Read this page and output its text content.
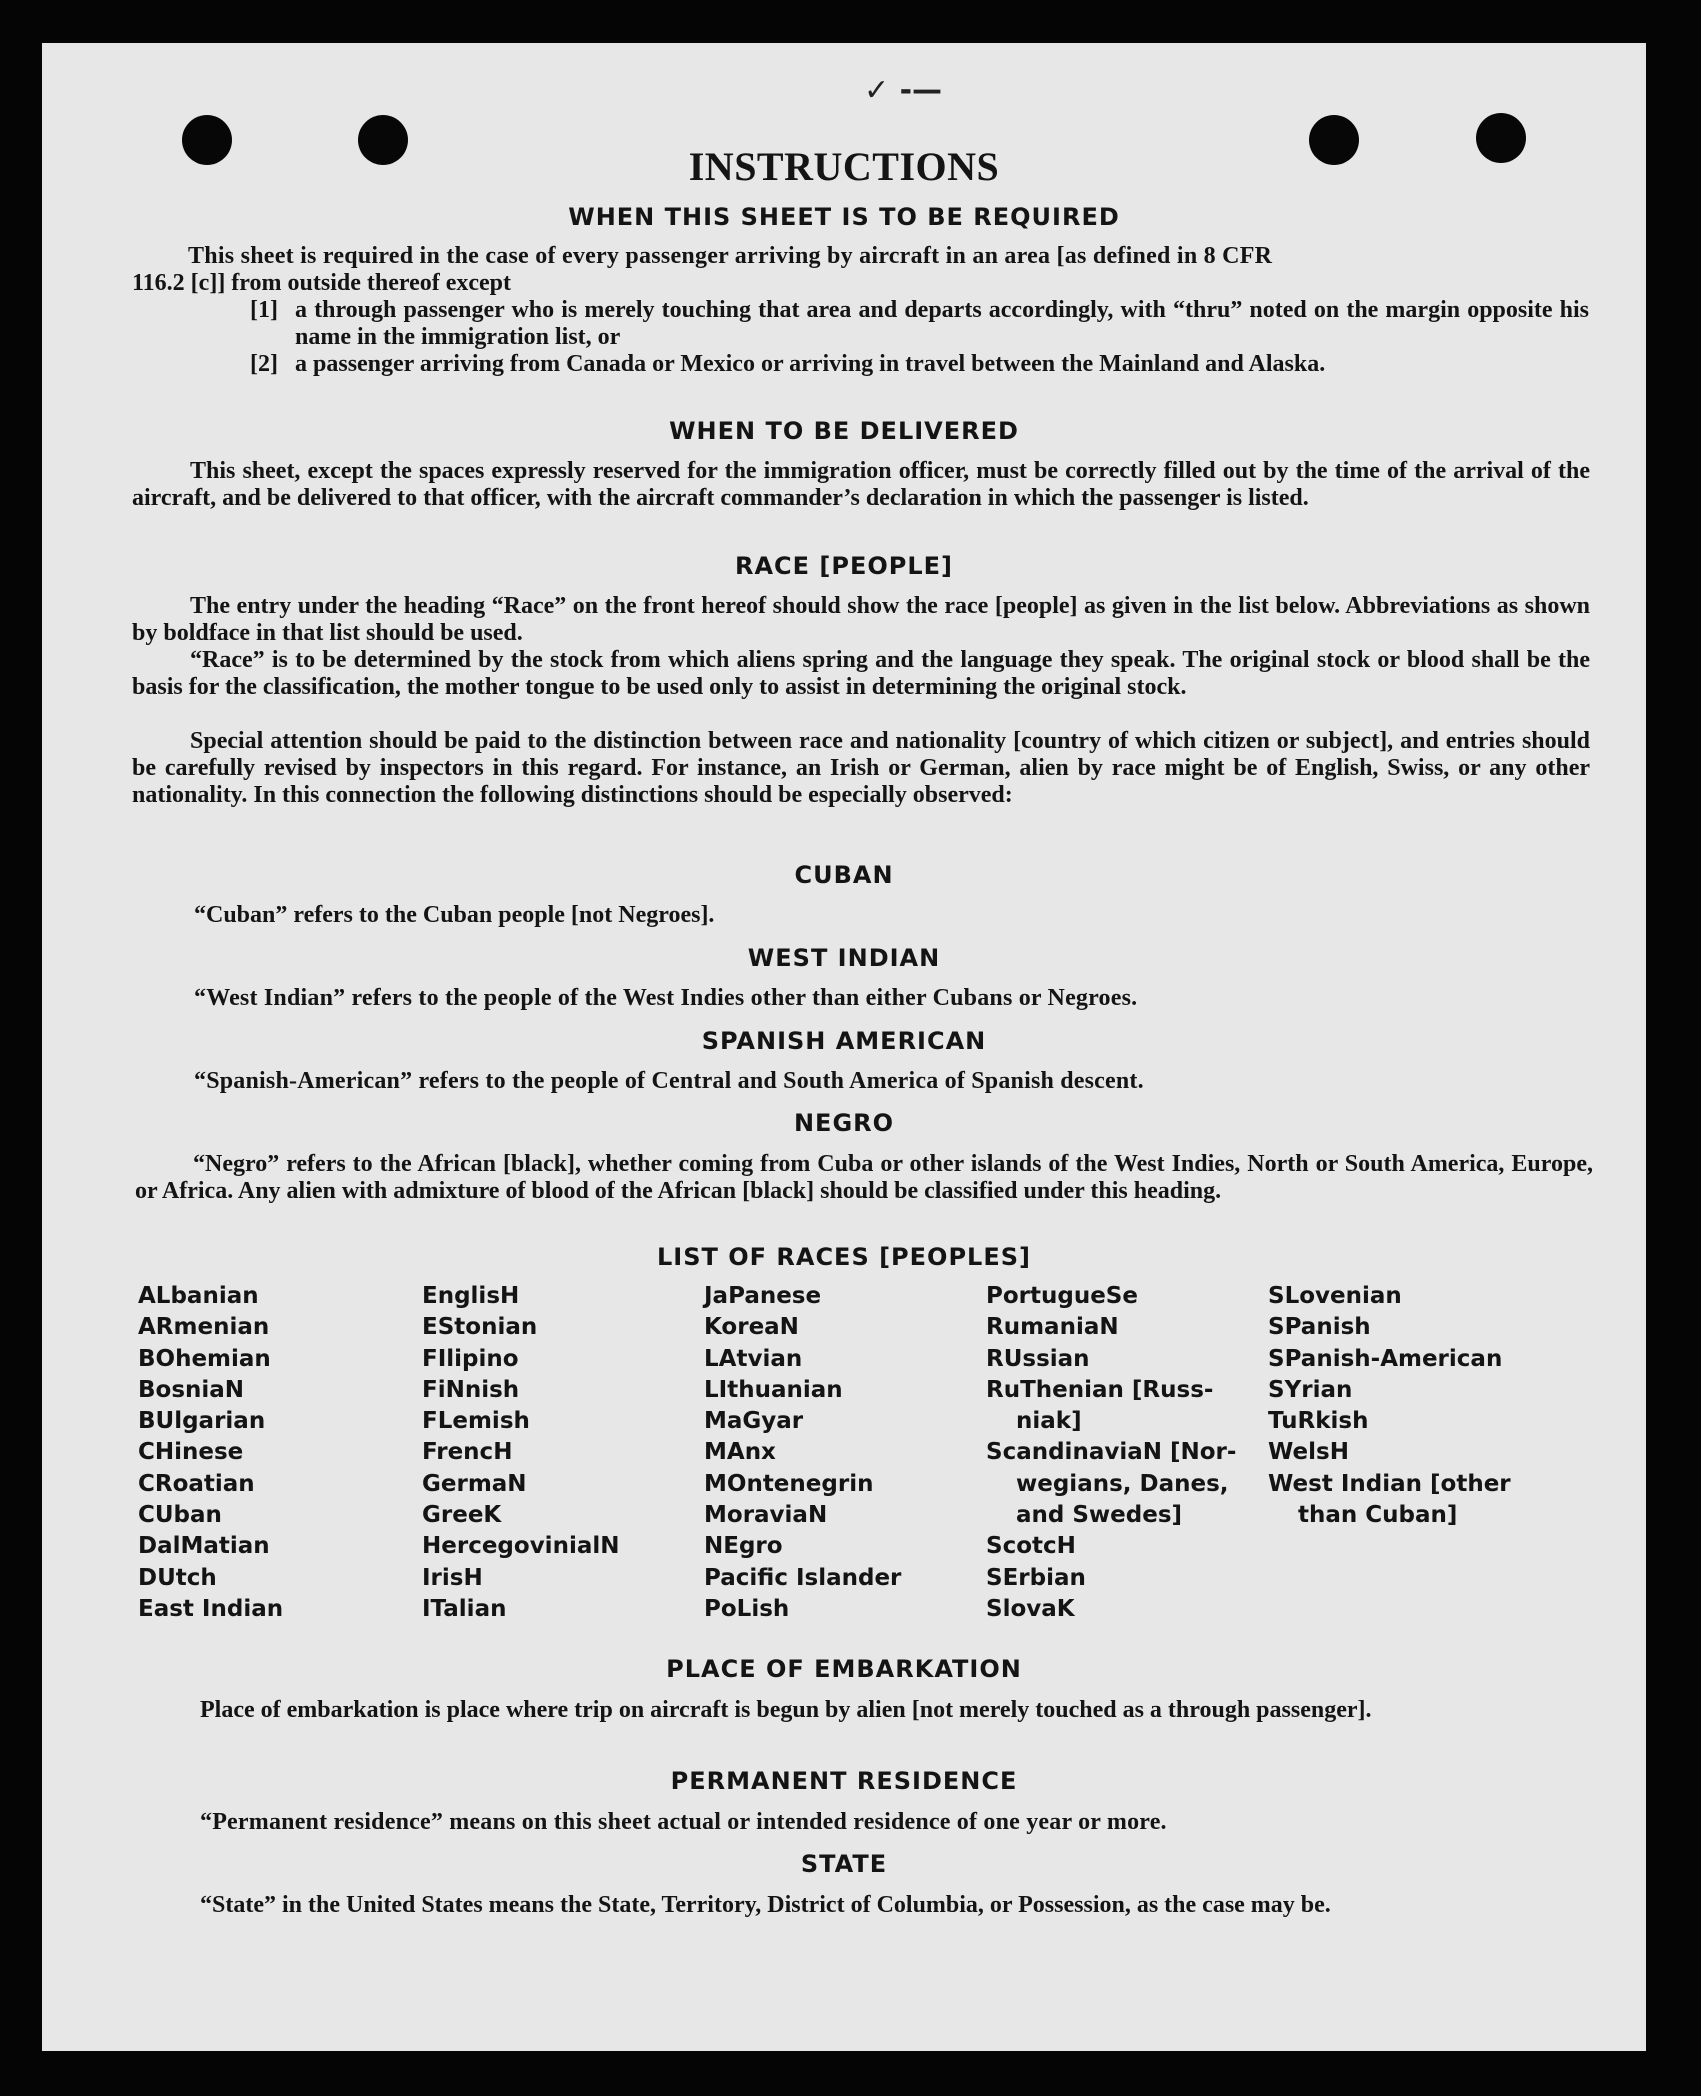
✓ -—
INSTRUCTIONS
WHEN THIS SHEET IS TO BE REQUIRED
This sheet is required in the case of every passenger arriving by aircraft in an area [as defined in 8 CFR
116.2 [c]] from outside thereof except
[1] a through passenger who is merely touching that area and departs accordingly, with “thru” noted on the margin opposite his name in the immigration list, or

[2] a passenger arriving from Canada or Mexico or arriving in travel between the Mainland and Alaska.

WHEN TO BE DELIVERED

This sheet, except the spaces expressly reserved for the immigration officer, must be correctly filled out by the time of the arrival of the aircraft, and be delivered to that officer, with the aircraft commander’s declaration in which the passenger is listed.

RACE [PEOPLE]

The entry under the heading “Race” on the front hereof should show the race [people] as given in the list below. Abbreviations as shown by boldface in that list should be used.

“Race” is to be determined by the stock from which aliens spring and the language they speak. The original stock or blood shall be the basis for the classification, the mother tongue to be used only to assist in determining the original stock.

Special attention should be paid to the distinction between race and nationality [country of which citizen or subject], and entries should be carefully revised by inspectors in this regard. For instance, an Irish or German, alien by race might be of English, Swiss, or any other nationality. In this connection the following distinctions should be especially observed:

CUBAN
“Cuban” refers to the Cuban people [not Negroes].
WEST INDIAN
“West Indian” refers to the people of the West Indies other than either Cubans or Negroes.
SPANISH AMERICAN
“Spanish-American” refers to the people of Central and South America of Spanish descent.
NEGRO

“Negro” refers to the African [black], whether coming from Cuba or other islands of the West Indies, North or South America, Europe, or Africa. Any alien with admixture of blood of the African [black] should be classified under this heading.

LIST OF RACES [PEOPLES]
ALbanian
ARmenian
BOhemian
BosniaN
BUlgarian
CHinese
CRoatian
CUban
DalMatian
DUtch
East Indian
EnglisH
EStonian
FIlipino
FiNnish
FLemish
FrencH
GermaN
GreeK
HercegovinialN
IrisH
ITalian
JaPanese
KoreaN
LAtvian
LIthuanian
MaGyar
MAnx
MOntenegrin
MoraviaN
NEgro
Pacific Islander
PoLish
PortugueSe
RumaniaN
RUssian
RuThenian [Russ-
niak]
ScandinaviaN [Nor-
wegians, Danes,
and Swedes]
ScotcH
SErbian
SlovaK
SLovenian
SPanish
SPanish-American
SYrian
TuRkish
WelsH
West Indian [other
than Cuban]
PLACE OF EMBARKATION

Place of embarkation is place where trip on aircraft is begun by alien [not merely touched as a through passenger].

PERMANENT RESIDENCE
“Permanent residence” means on this sheet actual or intended residence of one year or more.
STATE

“State” in the United States means the State, Territory, District of Columbia, or Possession, as the case may be.
